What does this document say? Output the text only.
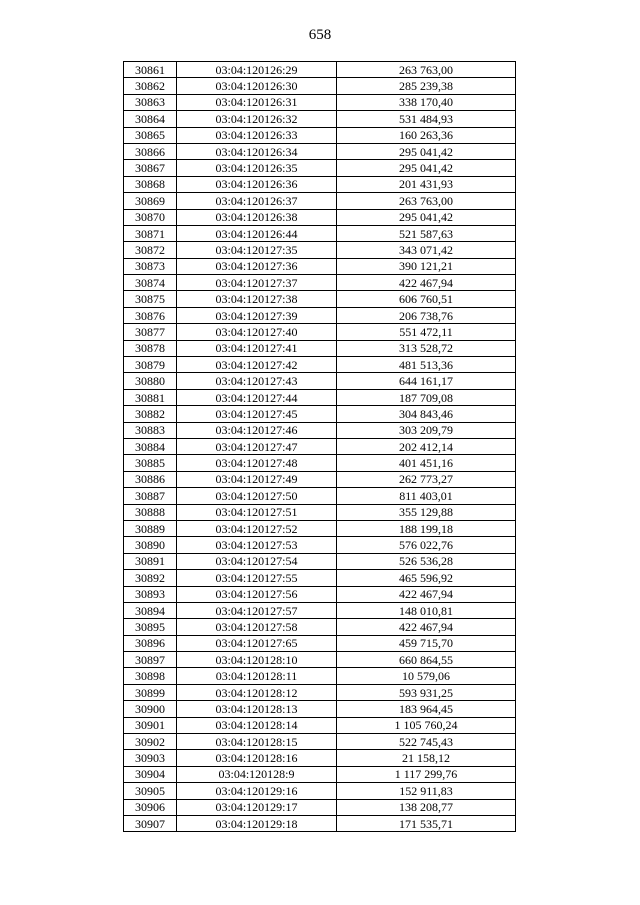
658
30861	03:04:120126:29	263 763,00
30862	03:04:120126:30	285 239,38
30863	03:04:120126:31	338 170,40
30864	03:04:120126:32	531 484,93
30865	03:04:120126:33	160 263,36
30866	03:04:120126:34	295 041,42
30867	03:04:120126:35	295 041,42
30868	03:04:120126:36	201 431,93
30869	03:04:120126:37	263 763,00
30870	03:04:120126:38	295 041,42
30871	03:04:120126:44	521 587,63
30872	03:04:120127:35	343 071,42
30873	03:04:120127:36	390 121,21
30874	03:04:120127:37	422 467,94
30875	03:04:120127:38	606 760,51
30876	03:04:120127:39	206 738,76
30877	03:04:120127:40	551 472,11
30878	03:04:120127:41	313 528,72
30879	03:04:120127:42	481 513,36
30880	03:04:120127:43	644 161,17
30881	03:04:120127:44	187 709,08
30882	03:04:120127:45	304 843,46
30883	03:04:120127:46	303 209,79
30884	03:04:120127:47	202 412,14
30885	03:04:120127:48	401 451,16
30886	03:04:120127:49	262 773,27
30887	03:04:120127:50	811 403,01
30888	03:04:120127:51	355 129,88
30889	03:04:120127:52	188 199,18
30890	03:04:120127:53	576 022,76
30891	03:04:120127:54	526 536,28
30892	03:04:120127:55	465 596,92
30893	03:04:120127:56	422 467,94
30894	03:04:120127:57	148 010,81
30895	03:04:120127:58	422 467,94
30896	03:04:120127:65	459 715,70
30897	03:04:120128:10	660 864,55
30898	03:04:120128:11	10 579,06
30899	03:04:120128:12	593 931,25
30900	03:04:120128:13	183 964,45
30901	03:04:120128:14	1 105 760,24
30902	03:04:120128:15	522 745,43
30903	03:04:120128:16	21 158,12
30904	03:04:120128:9	1 117 299,76
30905	03:04:120129:16	152 911,83
30906	03:04:120129:17	138 208,77
30907	03:04:120129:18	171 535,71
